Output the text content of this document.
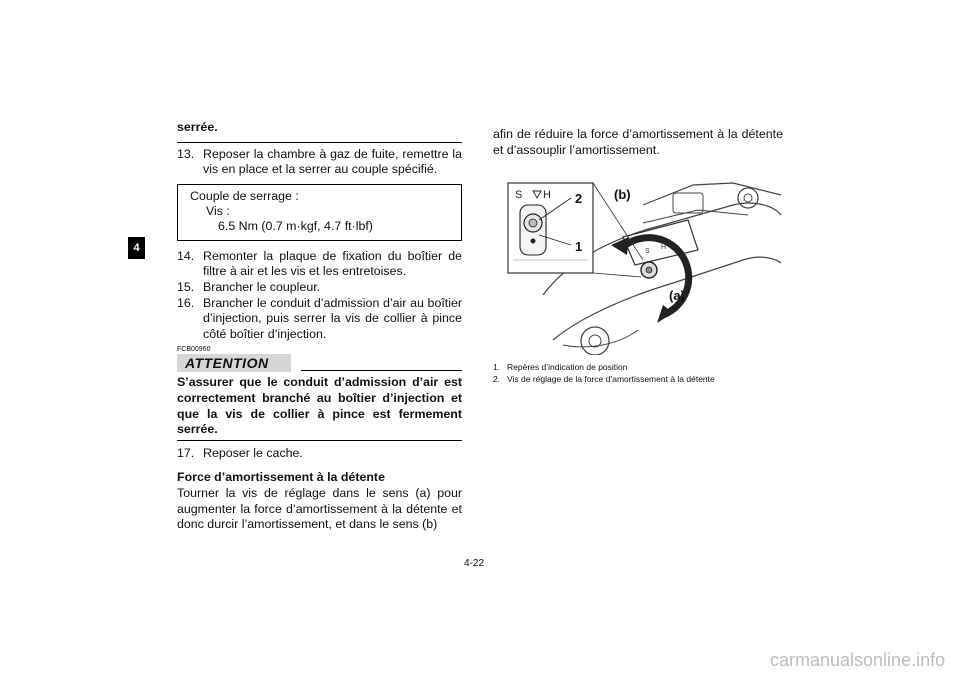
4
serrée.
13. Reposer la chambre à gaz de fuite, remettre la vis en place et la serrer au couple spécifié.
Couple de serrage :
Vis :
6.5 Nm (0.7 m·kgf, 4.7 ft·lbf)
14. Remonter la plaque de fixation du boîtier de filtre à air et les vis et les entretoises.
15. Brancher le coupleur.
16. Brancher le conduit d’admission d’air au boîtier d’injection, puis serrer la vis de collier à pince côté boîtier d’injection.
FCB00960
ATTENTION
S’assurer que le conduit d’admission d’air est correctement branché au boîtier d’injection et que la vis de collier à pince est fermement serrée.
17. Reposer le cache.
Force d’amortissement à la détente
Tourner la vis de réglage dans le sens (a) pour augmenter la force d’amortissement à la détente et donc durcir l’amortissement, et dans le sens (b)
afin de réduire la force d’amortissement à la détente et d’assouplir l’amortissement.
S
H
S H 2
1
(b)
(a)
1. Repères d’indication de position
2. Vis de réglage de la force d’amortissement à la détente
4-22
carmanualsonline.info
